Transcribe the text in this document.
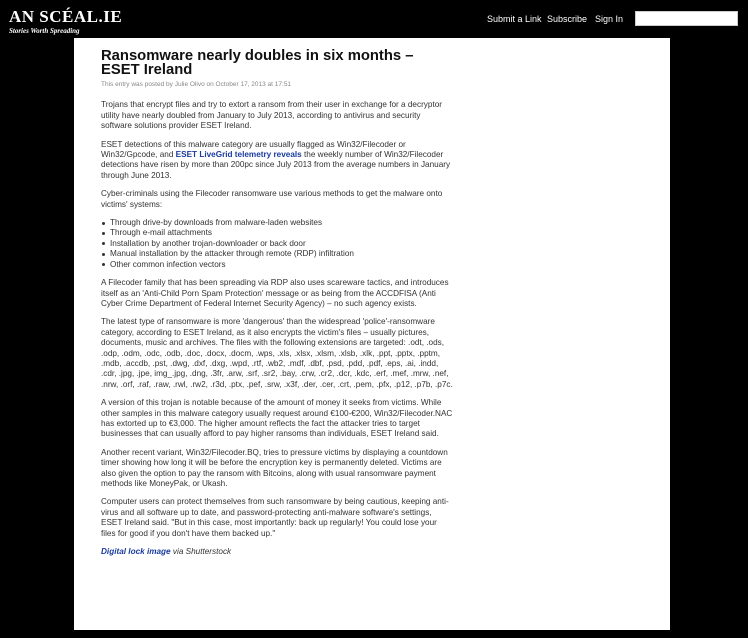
AN SCÉAL.IE
Stories Worth Spreading
Submit a Link Subscribe Sign In
Ransomware nearly doubles in six months – ESET Ireland
This entry was posted by Julie Olivo on October 17, 2013 at 17:51

Trojans that encrypt files and try to extort a ransom from their user in exchange for a decryptor utility have nearly doubled from January to July 2013, according to antivirus and security software solutions provider ESET Ireland.

ESET detections of this malware category are usually flagged as Win32/Filecoder or Win32/Gpcode, and ESET LiveGrid telemetry reveals the weekly number of Win32/Filecoder detections have risen by more than 200pc since July 2013 from the average numbers in January through June 2013.

Cyber-criminals using the Filecoder ransomware use various methods to get the malware onto victims' systems:

Through drive-by downloads from malware-laden websites
Through e-mail attachments
Installation by another trojan-downloader or back door
Manual installation by the attacker through remote (RDP) infiltration
Other common infection vectors

A Filecoder family that has been spreading via RDP also uses scareware tactics, and introduces itself as an 'Anti-Child Porn Spam Protection' message or as being from the ACCDFISA (Anti Cyber Crime Department of Federal Internet Security Agency) – no such agency exists.

The latest type of ransomware is more 'dangerous' than the widespread 'police'-ransomware category, according to ESET Ireland, as it also encrypts the victim's files – usually pictures, documents, music and archives. The files with the following extensions are targeted: .odt, .ods, .odp, .odm, .odc, .odb, .doc, .docx, .docm, .wps, .xls, .xlsx, .xlsm, .xlsb, .xlk, .ppt, .pptx, .pptm, .mdb, .accdb, .pst, .dwg, .dxf, .dxg, .wpd, .rtf, .wb2, .mdf, .dbf, .psd, .pdd, .pdf, .eps, .ai, .indd, .cdr, .jpg, .jpe, img_.jpg, .dng, .3fr, .arw, .srf, .sr2, .bay, .crw, .cr2, .dcr, .kdc, .erf, .mef, .mrw, .nef, .nrw, .orf, .raf, .raw, .rwl, .rw2, .r3d, .ptx, .pef, .srw, .x3f, .der, .cer, .crt, .pem, .pfx, .p12, .p7b, .p7c.

A version of this trojan is notable because of the amount of money it seeks from victims. While other samples in this malware category usually request around €100-€200, Win32/Filecoder.NAC has extorted up to €3,000. The higher amount reflects the fact the attacker tries to target businesses that can usually afford to pay higher ransoms than individuals, ESET Ireland said.

Another recent variant, Win32/Filecoder.BQ, tries to pressure victims by displaying a countdown timer showing how long it will be before the encryption key is permanently deleted. Victims are also given the option to pay the ransom with Bitcoins, along with usual ransomware payment methods like MoneyPak, or Ukash.

Computer users can protect themselves from such ransomware by being cautious, keeping anti-virus and all software up to date, and password-protecting anti-malware software's settings, ESET Ireland said. "But in this case, most importantly: back up regularly! You could lose your files for good if you don't have them backed up."

Digital lock image via Shutterstock
